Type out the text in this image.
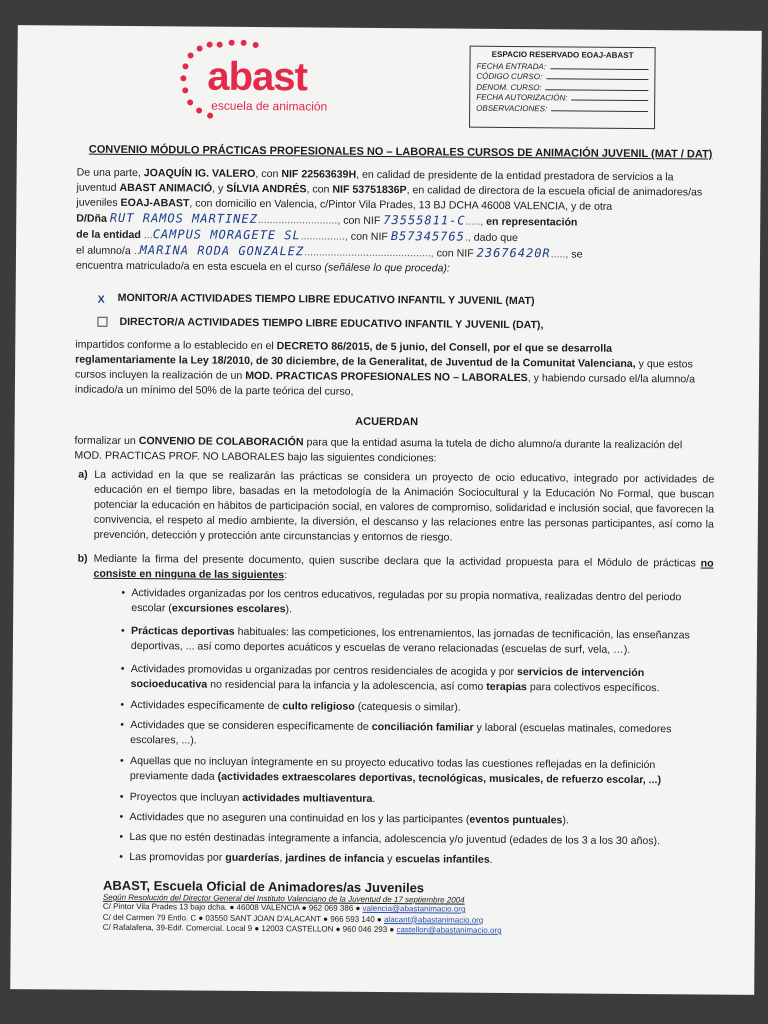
abast
escuela de animación
ESPACIO RESERVADO EOAJ-ABAST
FECHA ENTRADA:
CÓDIGO CURSO:
DENOM. CURSO:
FECHA AUTORIZACIÓN:
OBSERVACIONES:
CONVENIO MÓDULO PRÁCTICAS PROFESIONALES NO – LABORALES CURSOS DE ANIMACIÓN JUVENIL (MAT / DAT)
De una parte, JOAQUÍN IG. VALERO, con NIF 22563639H, en calidad de presidente de la entidad prestadora de servicios a la
juventud ABAST ANIMACIÓ, y SÍLVIA ANDRÉS, con NIF 53751836P, en calidad de directora de la escuela oficial de animadores/as
juveniles EOAJ-ABAST, con domicilio en Valencia, c/Pintor Vila Prades, 13 BJ DCHA 46008 VALENCIA, y de otra
D/Dña RUT RAMOS MARTINEZ..........................., con NIF 73555811-C....., en representación
de la entidad ...CAMPUS MORAGETE SL..............., con NIF B57345765., dado que
el alumno/a ..MARINA RODA GONZALEZ..........................................., con NIF 23676420R....., se
encuentra matriculado/a en esta escuela en el curso (señálese lo que proceda):
X MONITOR/A ACTIVIDADES TIEMPO LIBRE EDUCATIVO INFANTIL Y JUVENIL (MAT)
DIRECTOR/A ACTIVIDADES TIEMPO LIBRE EDUCATIVO INFANTIL Y JUVENIL (DAT),
impartidos conforme a lo establecido en el DECRETO 86/2015, de 5 junio, del Consell, por el que se desarrolla
reglamentariamente la Ley 18/2010, de 30 diciembre, de la Generalitat, de Juventud de la Comunitat Valenciana, y que estos
cursos incluyen la realización de un MOD. PRACTICAS PROFESIONALES NO – LABORALES, y habiendo cursado el/la alumno/a
indicado/a un mínimo del 50% de la parte teórica del curso,
ACUERDAN
formalizar un CONVENIO DE COLABORACIÓN para que la entidad asuma la tutela de dicho alumno/a durante la realización del
MOD. PRACTICAS PROF. NO LABORALES bajo las siguientes condiciones:
a) La actividad en la que se realizarán las prácticas se considera un proyecto de ocio educativo, integrado por actividades de educación en el tiempo libre, basadas en la metodología de la Animación Sociocultural y la Educación No Formal, que buscan potenciar la educación en hábitos de participación social, en valores de compromiso, solidaridad e inclusión social, que favorecen la convivencia, el respeto al medio ambiente, la diversión, el descanso y las relaciones entre las personas participantes, así como la prevención, detección y protección ante circunstancias y entornos de riesgo.
b) Mediante la firma del presente documento, quien suscribe declara que la actividad propuesta para el Módulo de prácticas no consiste en ninguna de las siguientes:
• Actividades organizadas por los centros educativos, reguladas por su propia normativa, realizadas dentro del periodo escolar (excursiones escolares).
• Prácticas deportivas habituales: las competiciones, los entrenamientos, las jornadas de tecnificación, las enseñanzas deportivas, ... así como deportes acuáticos y escuelas de verano relacionadas (escuelas de surf, vela, …).
• Actividades promovidas u organizadas por centros residenciales de acogida y por servicios de intervención socioeducativa no residencial para la infancia y la adolescencia, así como terapias para colectivos específicos.
• Actividades específicamente de culto religioso (catequesis o similar).
• Actividades que se consideren específicamente de conciliación familiar y laboral (escuelas matinales, comedores escolares, ...).
• Aquellas que no incluyan íntegramente en su proyecto educativo todas las cuestiones reflejadas en la definición previamente dada (actividades extraescolares deportivas, tecnológicas, musicales, de refuerzo escolar, ...)
• Proyectos que incluyan actividades multiaventura.
• Actividades que no aseguren una continuidad en los y las participantes (eventos puntuales).
• Las que no estén destinadas íntegramente a infancia, adolescencia y/o juventud (edades de los 3 a los 30 años).
• Las promovidas por guarderías, jardines de infancia y escuelas infantiles.
ABAST, Escuela Oficial de Animadores/as Juveniles
Según Resolución del Director General del Instituto Valenciano de la Juventud de 17 septiembre 2004
C/ Pintor Vila Prades 13 bajo dcha. ● 46008 VALENCIA ● 962 069 386 ● valencia@abastanimacio.org
C/ del Carmen 79 Entlo. C ● 03550 SANT JOAN D'ALACANT ● 966 593 140 ● alacant@abastanimacio.org
C/ Rafalafena, 39-Edif. Comercial. Local 9 ● 12003 CASTELLON ● 960 046 293 ● castellon@abastanimacio.org
